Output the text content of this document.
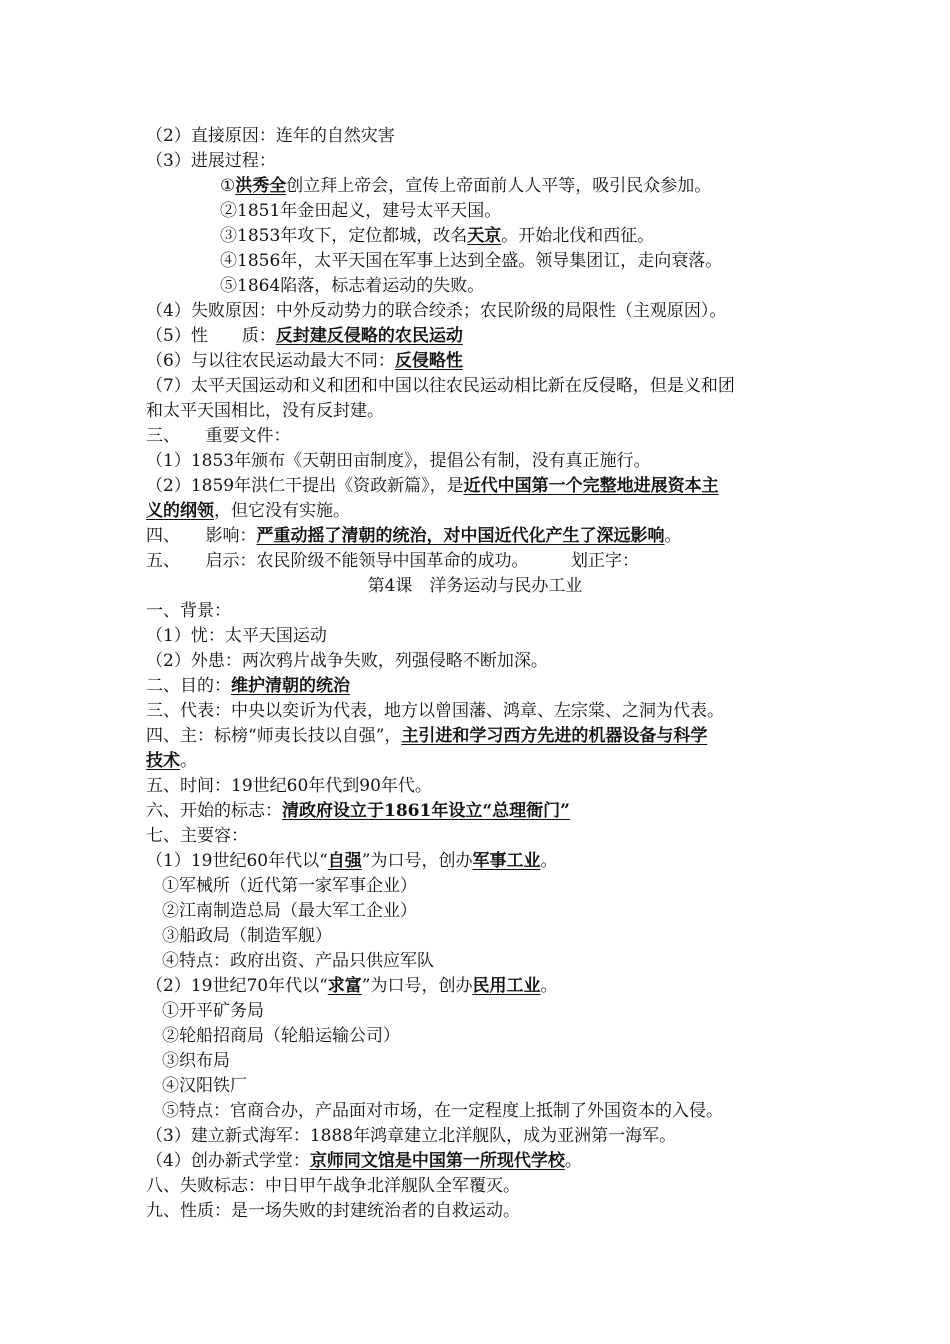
（2）直接原因：连年的自然灾害
（3）进展过程：
①洪秀全创立拜上帝会，宣传上帝面前人人平等，吸引民众参加。
②1851年金田起义，建号太平天国。
③1853年攻下，定位都城，改名天京。开始北伐和西征。
④1856年，太平天国在军事上达到全盛。领导集团讧，走向衰落。
⑤1864陷落，标志着运动的失败。
（4）失败原因：中外反动势力的联合绞杀；农民阶级的局限性（主观原因）。
（5）性　　质：反封建反侵略的农民运动
（6）与以往农民运动最大不同：反侵略性
（7）太平天国运动和义和团和中国以往农民运动相比新在反侵略，但是义和团
和太平天国相比，没有反封建。
三、　　重要文件：
（1）1853年颁布《天朝田亩制度》，提倡公有制，没有真正施行。
（2）1859年洪仁干提出《资政新篇》，是近代中国第一个完整地进展资本主
义的纲领，但它没有实施。
四、　　影响：严重动摇了清朝的统治，对中国近代化产生了深远影响。
五、　　启示：农民阶级不能领导中国革命的成功。　　　划正字：
第4课　洋务运动与民办工业
一、背景：
（1）忧：太平天国运动
（2）外患：两次鸦片战争失败，列强侵略不断加深。
二、目的：维护清朝的统治
三、代表：中央以奕䜣为代表，地方以曾国藩、鸿章、左宗棠、之洞为代表。
四、主：标榜“师夷长技以自强”，主引进和学习西方先进的机器设备与科学
技术。
五、时间：19世纪60年代到90年代。
六、开始的标志：清政府设立于1861年设立“总理衙门”
七、主要容：
（1）19世纪60年代以“自强”为口号，创办军事工业。
①军械所（近代第一家军事企业）
②江南制造总局（最大军工企业）
③船政局（制造军舰）
④特点：政府出资、产品只供应军队
（2）19世纪70年代以“求富”为口号，创办民用工业。
①开平矿务局
②轮船招商局（轮船运输公司）
③织布局
④汉阳铁厂
⑤特点：官商合办，产品面对市场，在一定程度上抵制了外国资本的入侵。
（3）建立新式海军：1888年鸿章建立北洋舰队，成为亚洲第一海军。
（4）创办新式学堂：京师同文馆是中国第一所现代学校。
八、失败标志：中日甲午战争北洋舰队全军覆灭。
九、性质：是一场失败的封建统治者的自救运动。
